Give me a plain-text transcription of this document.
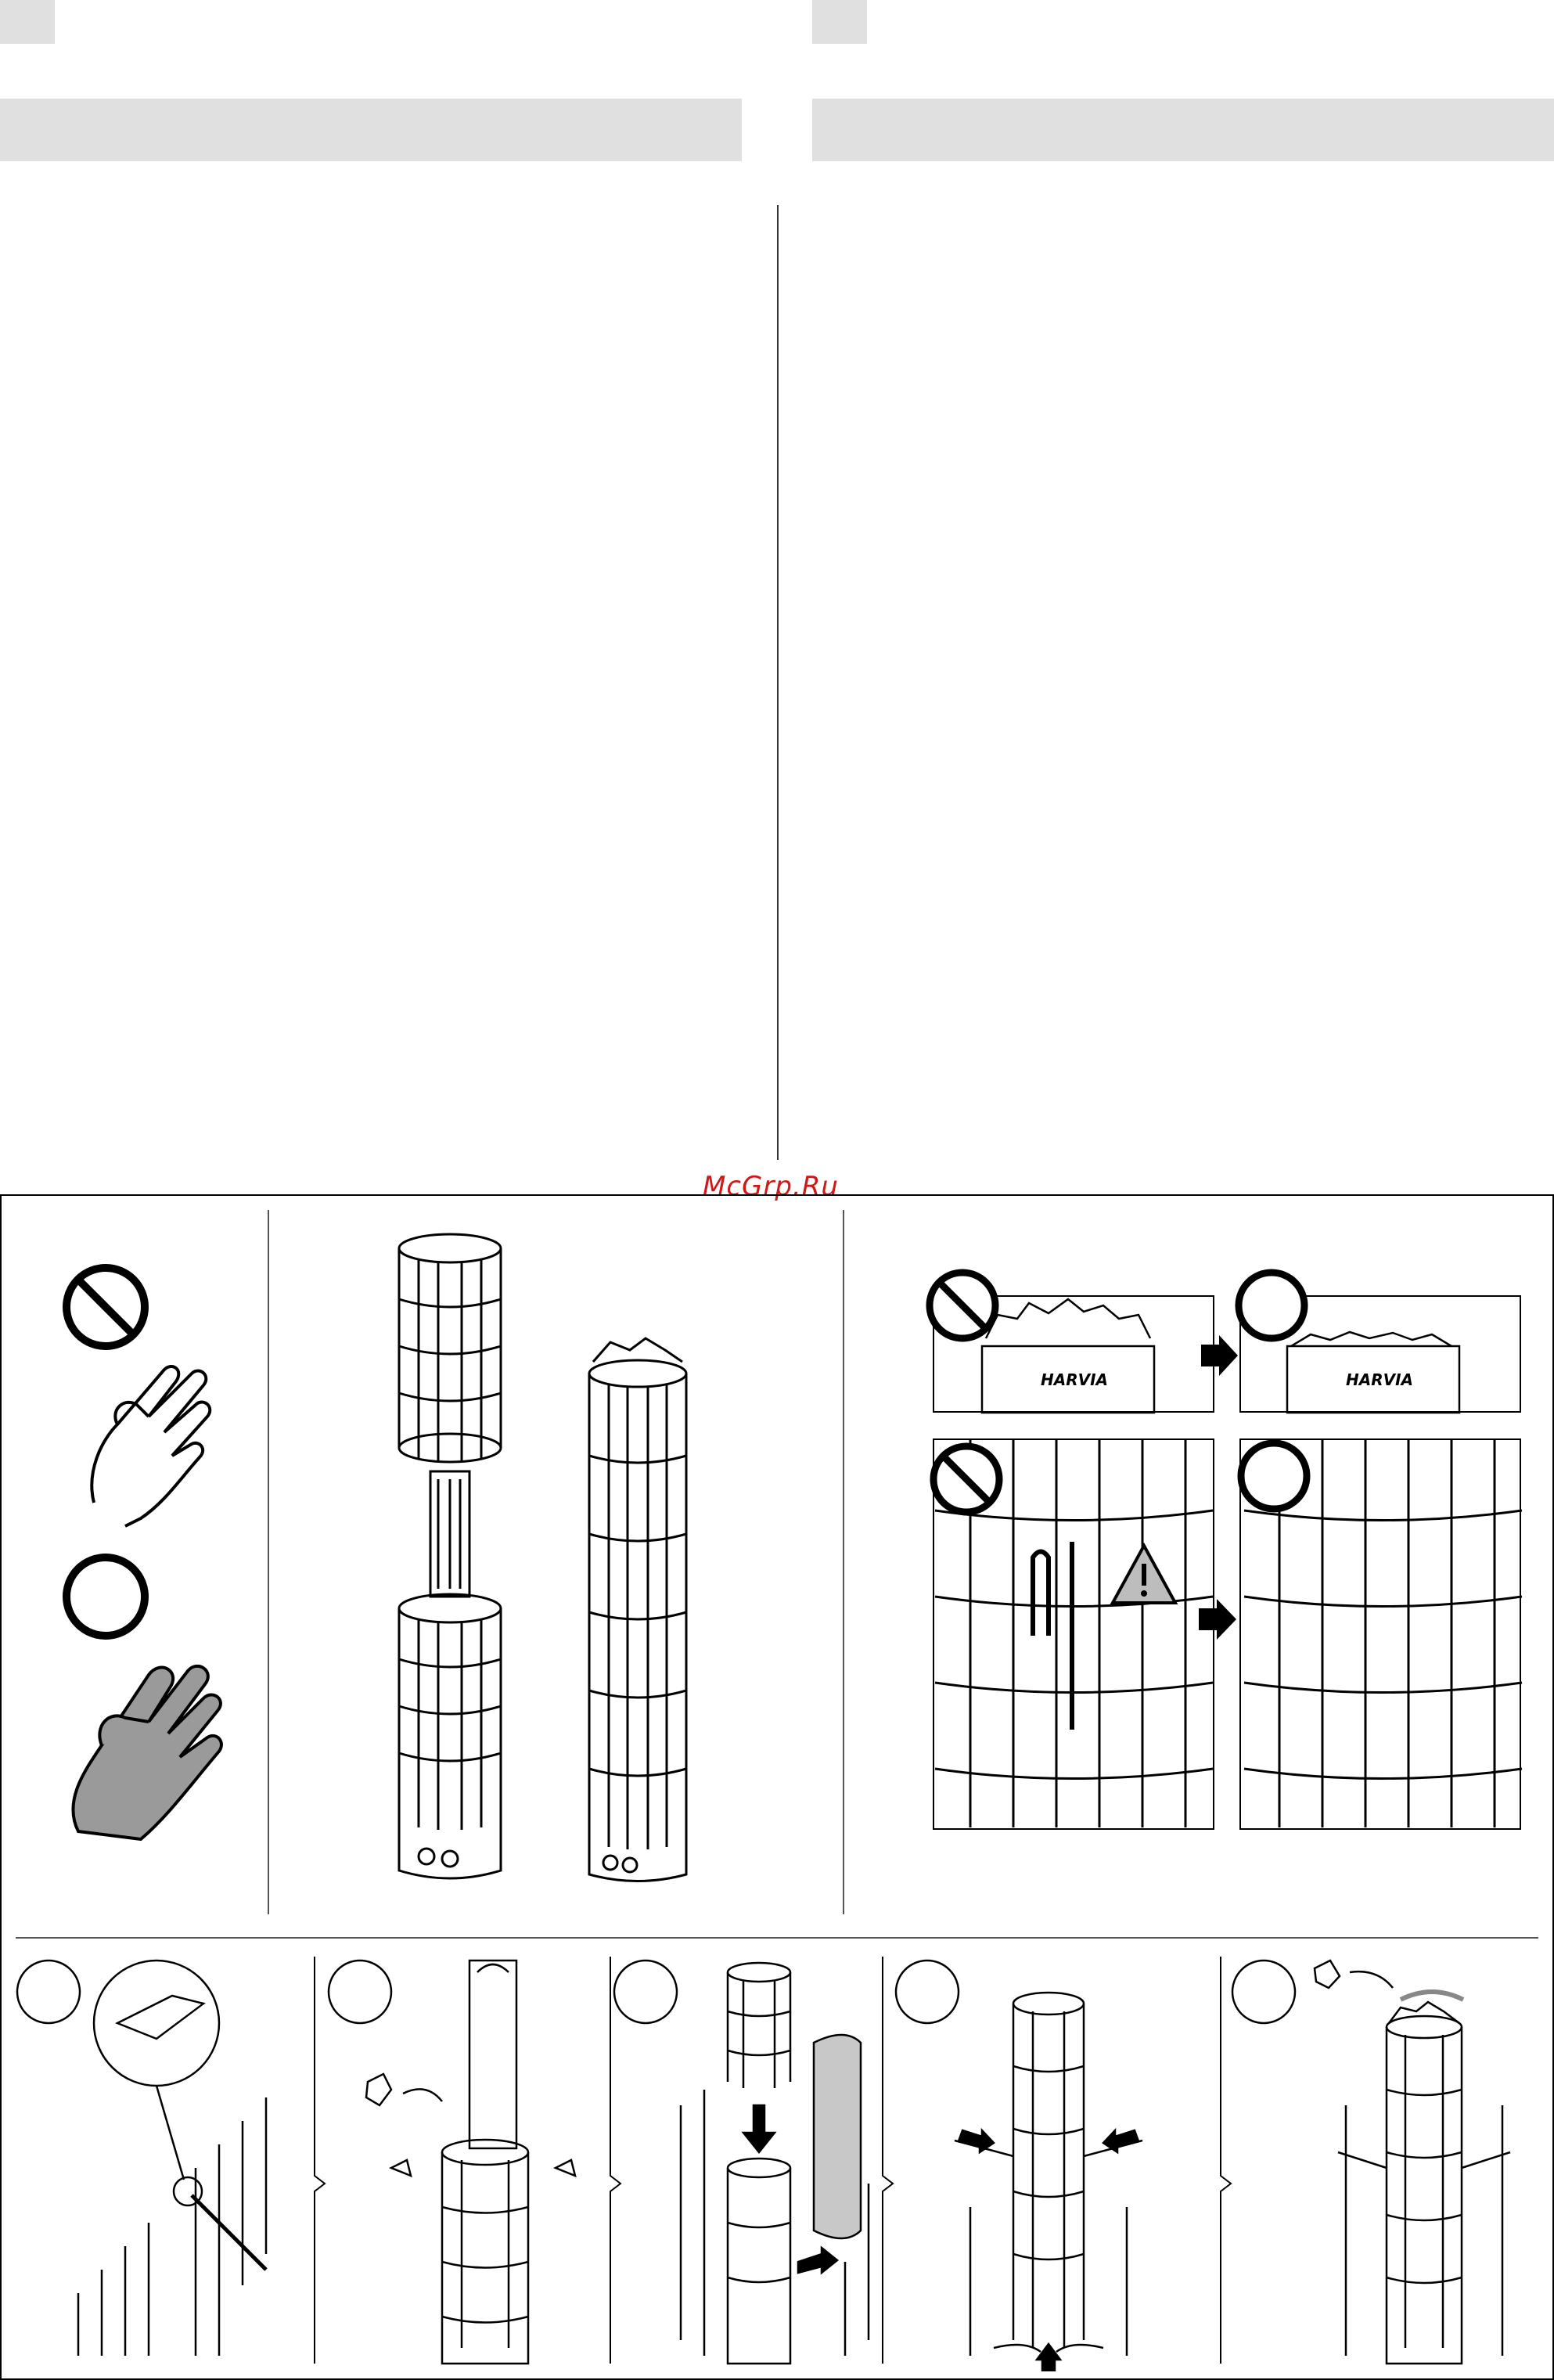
McGrp.Ru
HARVIA	HARVIA
